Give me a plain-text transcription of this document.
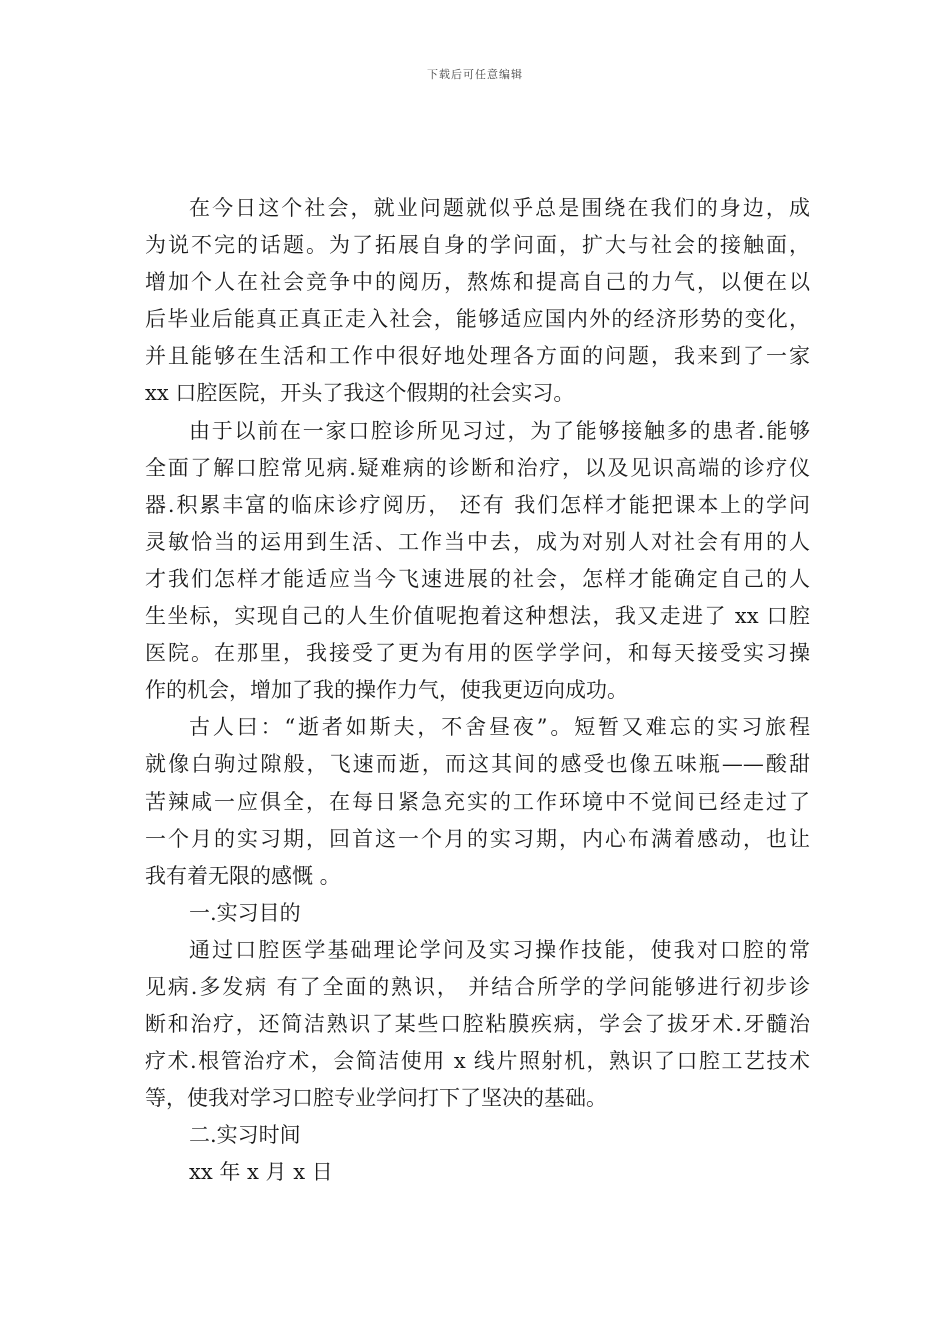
下载后可任意编辑
在今日这个社会，就业问题就似乎总是围绕在我们的身边，成
为说不完的话题。为了拓展自身的学问面，扩大与社会的接触面，
增加个人在社会竞争中的阅历，熬炼和提高自己的力气，以便在以
后毕业后能真正真正走入社会，能够适应国内外的经济形势的变化，
并且能够在生活和工作中很好地处理各方面的问题，我来到了一家
xx 口腔医院，开头了我这个假期的社会实习。
由于以前在一家口腔诊所见习过，为了能够接触多的患者.能够
全面了解口腔常见病.疑难病的诊断和治疗，以及见识高端的诊疗仪
器.积累丰富的临床诊疗阅历， 还有 我们怎样才能把课本上的学问
灵敏恰当的运用到生活、工作当中去，成为对别人对社会有用的人
才我们怎样才能适应当今飞速进展的社会，怎样才能确定自己的人
生坐标，实现自己的人生价值呢抱着这种想法，我又走进了 xx 口腔
医院。在那里，我接受了更为有用的医学学问，和每天接受实习操
作的机会，增加了我的操作力气，使我更迈向成功。
古人曰：“逝者如斯夫，不舍昼夜”。短暂又难忘的实习旅程
就像白驹过隙般，飞速而逝，而这其间的感受也像五味瓶——酸甜
苦辣咸一应俱全，在每日紧急充实的工作环境中不觉间已经走过了
一个月的实习期，回首这一个月的实习期，内心布满着感动，也让
我有着无限的感慨 。
一.实习目的
通过口腔医学基础理论学问及实习操作技能，使我对口腔的常
见病.多发病 有了全面的熟识， 并结合所学的学问能够进行初步诊
断和治疗，还简洁熟识了某些口腔粘膜疾病，学会了拔牙术.牙髓治
疗术.根管治疗术，会简洁使用 x 线片照射机，熟识了口腔工艺技术
等，使我对学习口腔专业学问打下了坚决的基础。
二.实习时间
xx 年 x 月 x 日
